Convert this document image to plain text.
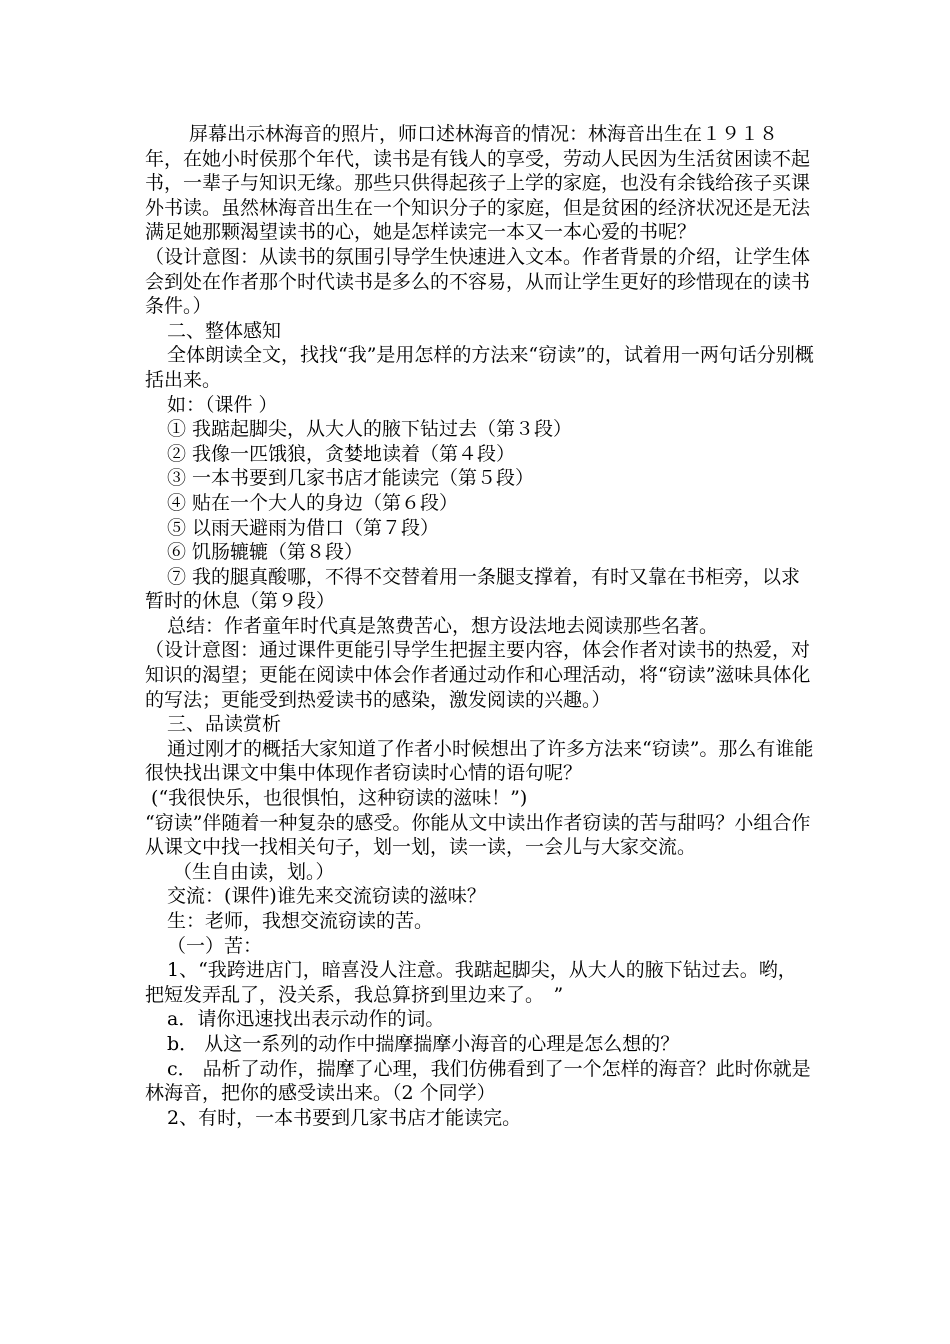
屏幕出示林海音的照片，师口述林海音的情况：林海音出生在１９１８年，在她小时侯那个年代，读书是有钱人的享受，劳动人民因为生活贫困读不起书，一辈子与知识无缘。那些只供得起孩子上学的家庭，也没有余钱给孩子买课外书读。虽然林海音出生在一个知识分子的家庭，但是贫困的经济状况还是无法满足她那颗渴望读书的心，她是怎样读完一本又一本心爱的书呢？

（设计意图：从读书的氛围引导学生快速进入文本。作者背景的介绍，让学生体会到处在作者那个时代读书是多么的不容易，从而让学生更好的珍惜现在的读书条件。）

二、整体感知

全体朗读全文，找找“我”是用怎样的方法来“窃读”的，试着用一两句话分别概括出来。

如：（课件 ）

① 我踮起脚尖，从大人的腋下钻过去（第３段）

② 我像一匹饿狼，贪婪地读着（第４段）

③ 一本书要到几家书店才能读完（第５段）

④ 贴在一个大人的身边（第６段）

⑤ 以雨天避雨为借口（第７段）

⑥ 饥肠辘辘（第８段）

⑦ 我的腿真酸哪，不得不交替着用一条腿支撑着，有时又靠在书柜旁，以求暂时的休息（第９段）

总结：作者童年时代真是煞费苦心，想方设法地去阅读那些名著。

（设计意图：通过课件更能引导学生把握主要内容，体会作者对读书的热爱，对知识的渴望；更能在阅读中体会作者通过动作和心理活动，将“窃读”滋味具体化的写法；更能受到热爱读书的感染，激发阅读的兴趣。）

三、品读赏析

通过刚才的概括大家知道了作者小时候想出了许多方法来“窃读”。那么有谁能很快找出课文中集中体现作者窃读时心情的语句呢？

(“我很快乐，也很惧怕，这种窃读的滋味！”)

“窃读”伴随着一种复杂的感受。你能从文中读出作者窃读的苦与甜吗？小组合作从课文中找一找相关句子，划一划，读一读，一会儿与大家交流。

（生自由读，划。）

交流：(课件)谁先来交流窃读的滋味？

生：老师，我想交流窃读的苦。

（一）苦：

1、“我跨进店门，暗喜没人注意。我踮起脚尖，从大人的腋下钻过去。哟，把短发弄乱了，没关系，我总算挤到里边来了。　”

a．请你迅速找出表示动作的词。

b． 从这一系列的动作中揣摩揣摩小海音的心理是怎么想的？

c． 品析了动作，揣摩了心理，我们仿佛看到了一个怎样的海音？此时你就是林海音，把你的感受读出来。（2 个同学）

2、有时，一本书要到几家书店才能读完。
